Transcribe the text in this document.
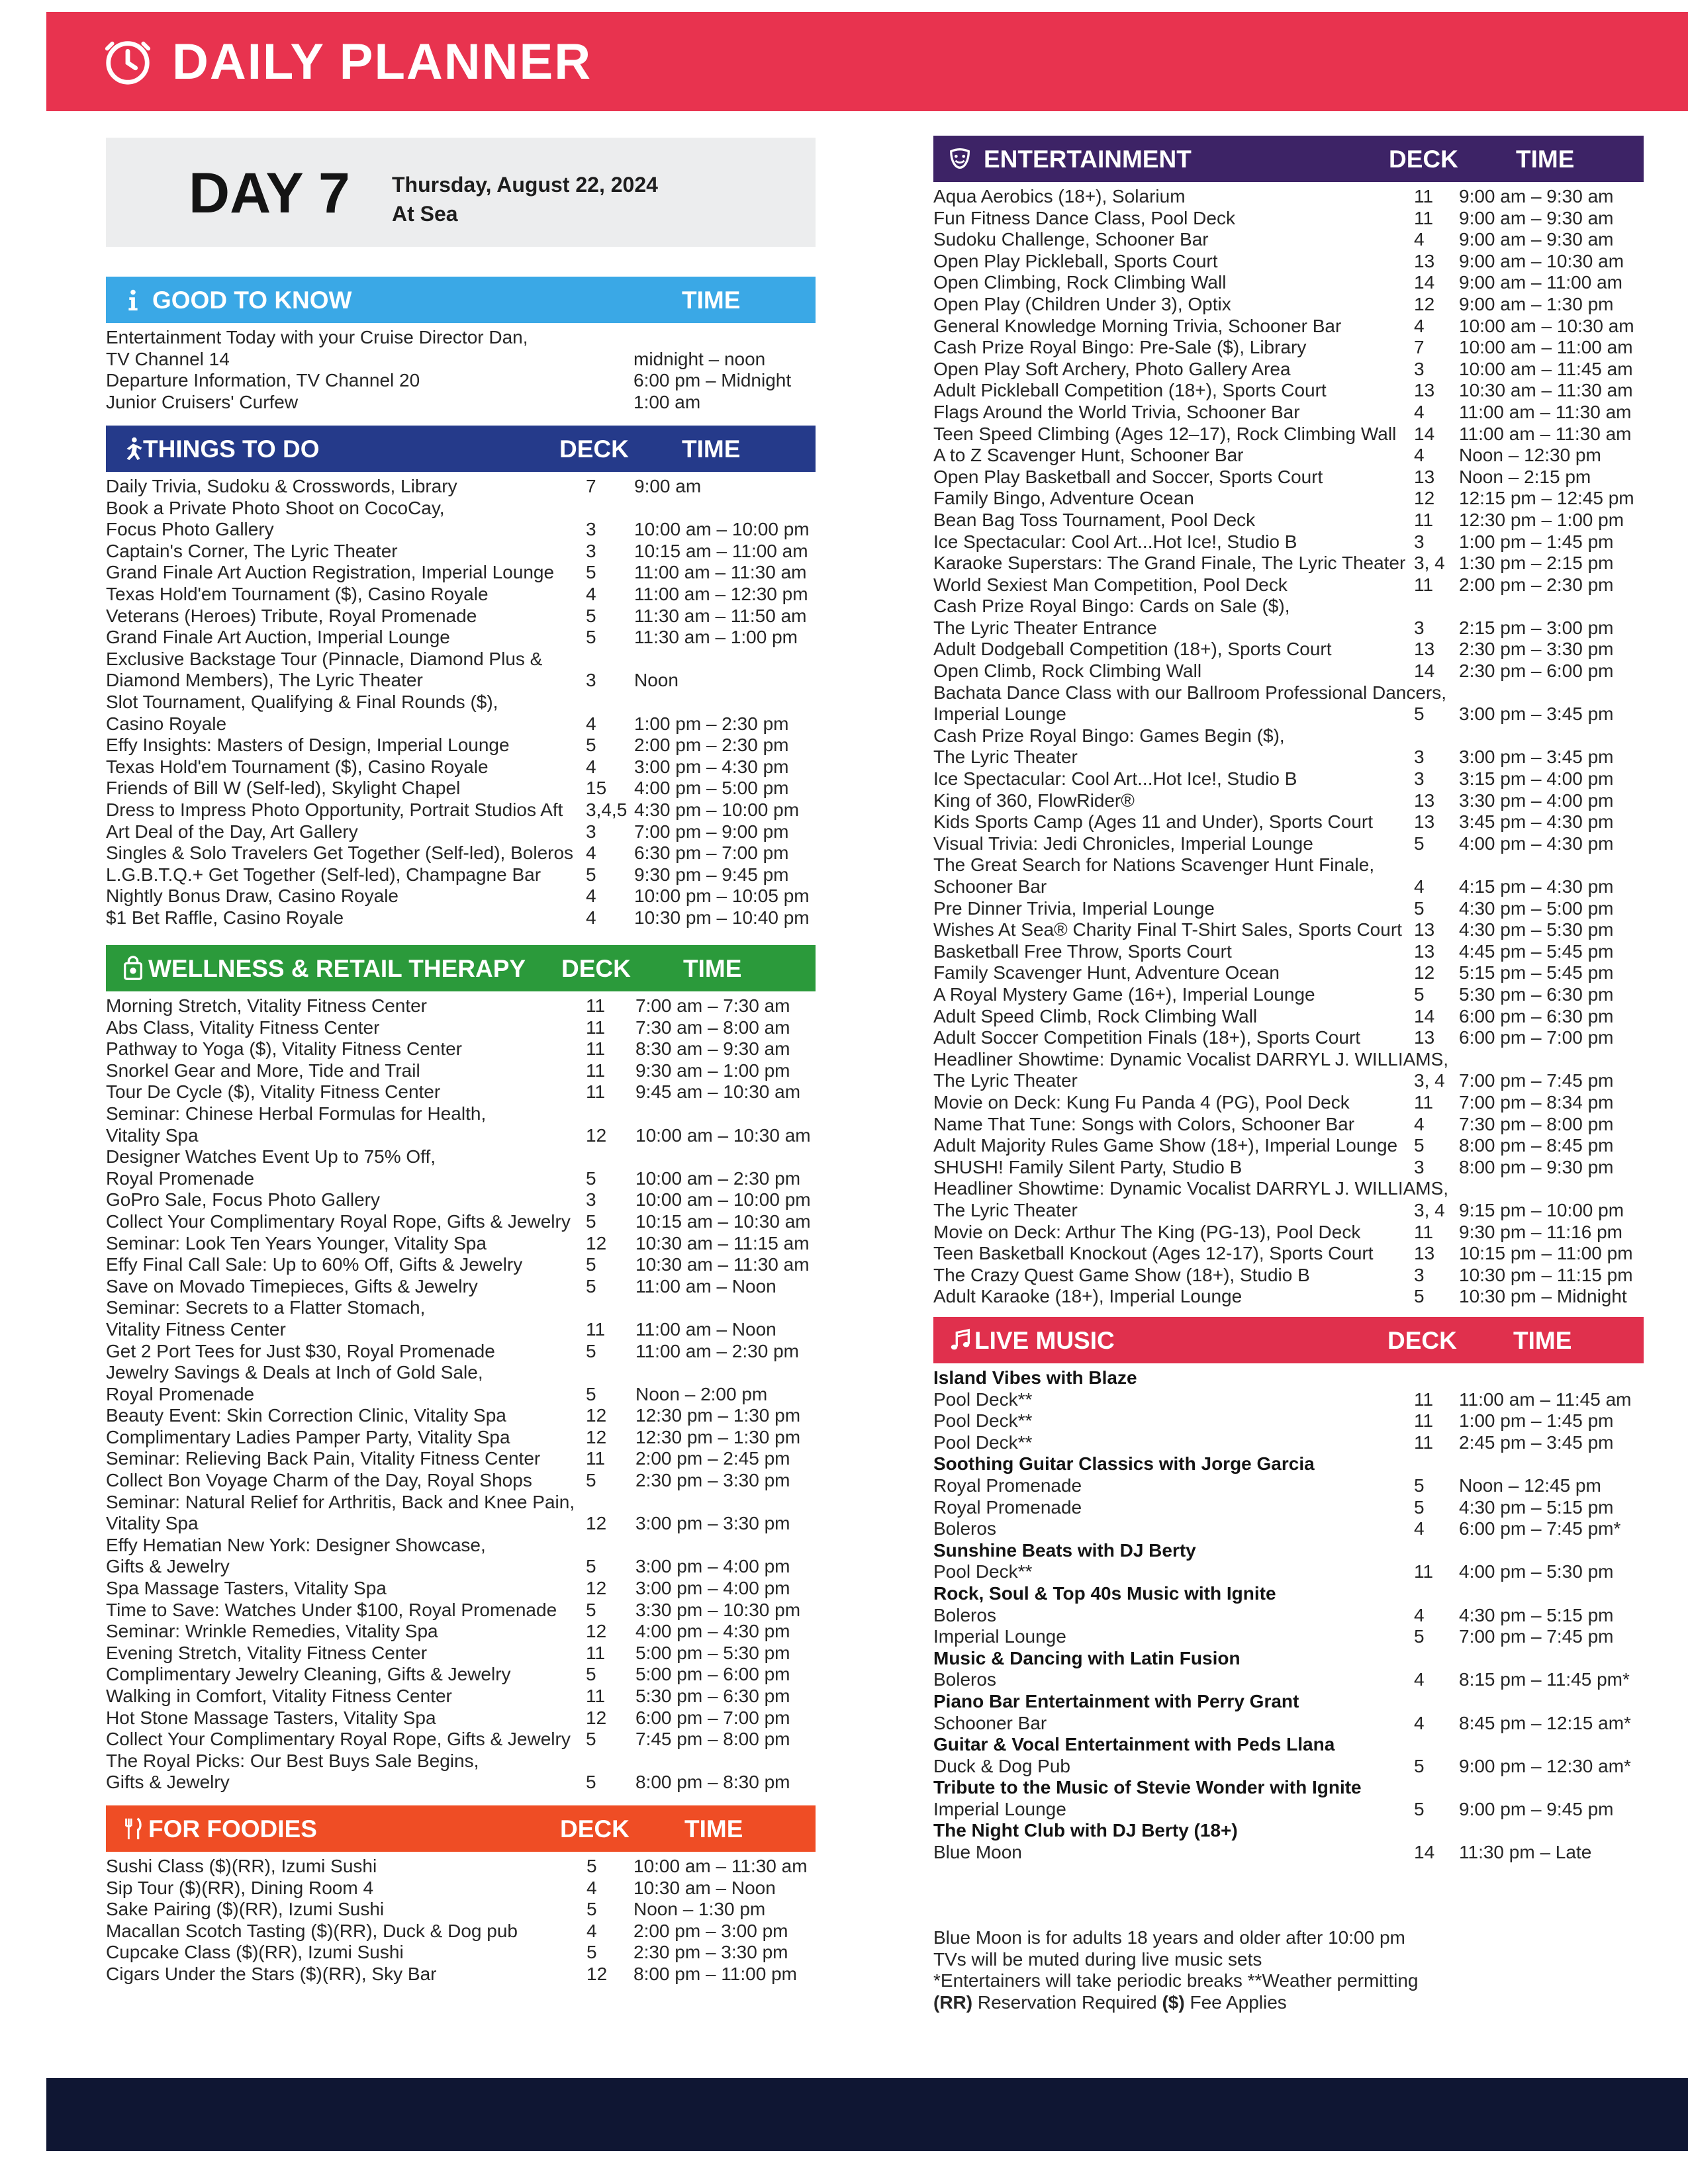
DAILY PLANNER
DAY 7 Thursday, August 22, 2024
At Sea
GOOD TO KNOW	TIME
Entertainment Today with your Cruise Director Dan,
TV Channel 14	midnight – noon
Departure Information, TV Channel 20	6:00 pm – Midnight
Junior Cruisers' Curfew	1:00 am
THINGS TO DO	DECK TIME
Daily Trivia, Sudoku & Crosswords, Library	7 9:00 am
Book a Private Photo Shoot on CocoCay,
Focus Photo Gallery	3 10:00 am – 10:00 pm
Captain's Corner, The Lyric Theater	3 10:15 am – 11:00 am
Grand Finale Art Auction Registration, Imperial Lounge	5 11:00 am – 11:30 am
Texas Hold'em Tournament ($), Casino Royale	4 11:00 am – 12:30 pm
Veterans (Heroes) Tribute, Royal Promenade	5 11:30 am – 11:50 am
Grand Finale Art Auction, Imperial Lounge	5 11:30 am – 1:00 pm
Exclusive Backstage Tour (Pinnacle, Diamond Plus &
Diamond Members), The Lyric Theater	3 Noon
Slot Tournament, Qualifying & Final Rounds ($),
Casino Royale	4 1:00 pm – 2:30 pm
Effy Insights: Masters of Design, Imperial Lounge	5 2:00 pm – 2:30 pm
Texas Hold'em Tournament ($), Casino Royale	4 3:00 pm – 4:30 pm
Friends of Bill W (Self-led), Skylight Chapel	15 4:00 pm – 5:00 pm
Dress to Impress Photo Opportunity, Portrait Studios Aft	3,4,5 4:30 pm – 10:00 pm
Art Deal of the Day, Art Gallery	3 7:00 pm – 9:00 pm
Singles & Solo Travelers Get Together (Self-led), Boleros 4 6:30 pm – 7:00 pm
L.G.B.T.Q.+ Get Together (Self-led), Champagne Bar	5 9:30 pm – 9:45 pm
Nightly Bonus Draw, Casino Royale	4 10:00 pm – 10:05 pm
$1 Bet Raffle, Casino Royale	4 10:30 pm – 10:40 pm
WELLNESS & RETAIL THERAPY DECK TIME
Morning Stretch, Vitality Fitness Center	11 7:00 am – 7:30 am
Abs Class, Vitality Fitness Center	11 7:30 am – 8:00 am
Pathway to Yoga ($), Vitality Fitness Center	11 8:30 am – 9:30 am
Snorkel Gear and More, Tide and Trail	11 9:30 am – 1:00 pm
Tour De Cycle ($), Vitality Fitness Center	11 9:45 am – 10:30 am
Seminar: Chinese Herbal Formulas for Health,
Vitality Spa	12 10:00 am – 10:30 am
Designer Watches Event Up to 75% Off,
Royal Promenade	5 10:00 am – 2:30 pm
GoPro Sale, Focus Photo Gallery	3 10:00 am – 10:00 pm
Collect Your Complimentary Royal Rope, Gifts & Jewelry 5 10:15 am – 10:30 am
Seminar: Look Ten Years Younger, Vitality Spa	12 10:30 am – 11:15 am
Effy Final Call Sale: Up to 60% Off, Gifts & Jewelry	5 10:30 am – 11:30 am
Save on Movado Timepieces, Gifts & Jewelry	5 11:00 am – Noon
Seminar: Secrets to a Flatter Stomach,
Vitality Fitness Center	11 11:00 am – Noon
Get 2 Port Tees for Just $30, Royal Promenade	5 11:00 am – 2:30 pm
Jewelry Savings & Deals at Inch of Gold Sale,
Royal Promenade	5 Noon – 2:00 pm
Beauty Event: Skin Correction Clinic, Vitality Spa	12 12:30 pm – 1:30 pm
Complimentary Ladies Pamper Party, Vitality Spa	12 12:30 pm – 1:30 pm
Seminar: Relieving Back Pain, Vitality Fitness Center	11 2:00 pm – 2:45 pm
Collect Bon Voyage Charm of the Day, Royal Shops	5 2:30 pm – 3:30 pm
Seminar: Natural Relief for Arthritis, Back and Knee Pain,
Vitality Spa	12 3:00 pm – 3:30 pm
Effy Hematian New York: Designer Showcase,
Gifts & Jewelry	5 3:00 pm – 4:00 pm
Spa Massage Tasters, Vitality Spa	12 3:00 pm – 4:00 pm
Time to Save: Watches Under $100, Royal Promenade	5 3:30 pm – 10:30 pm
Seminar: Wrinkle Remedies, Vitality Spa	12 4:00 pm – 4:30 pm
Evening Stretch, Vitality Fitness Center	11 5:00 pm – 5:30 pm
Complimentary Jewelry Cleaning, Gifts & Jewelry	5 5:00 pm – 6:00 pm
Walking in Comfort, Vitality Fitness Center	11 5:30 pm – 6:30 pm
Hot Stone Massage Tasters, Vitality Spa	12 6:00 pm – 7:00 pm
Collect Your Complimentary Royal Rope, Gifts & Jewelry 5 7:45 pm – 8:00 pm
The Royal Picks: Our Best Buys Sale Begins,
Gifts & Jewelry	5 8:00 pm – 8:30 pm
FOR FOODIES	DECK TIME
Sushi Class ($)(RR), Izumi Sushi	5 10:00 am – 11:30 am
Sip Tour ($)(RR), Dining Room 4	4 10:30 am – Noon
Sake Pairing ($)(RR), Izumi Sushi	5 Noon – 1:30 pm
Macallan Scotch Tasting ($)(RR), Duck & Dog pub	4 2:00 pm – 3:00 pm
Cupcake Class ($)(RR), Izumi Sushi	5 2:30 pm – 3:30 pm
Cigars Under the Stars ($)(RR), Sky Bar	12 8:00 pm – 11:00 pm
ENTERTAINMENT	DECK TIME
Aqua Aerobics (18+), Solarium	11 9:00 am – 9:30 am
Fun Fitness Dance Class, Pool Deck	11 9:00 am – 9:30 am
Sudoku Challenge, Schooner Bar	4 9:00 am – 9:30 am
Open Play Pickleball, Sports Court	13 9:00 am – 10:30 am
Open Climbing, Rock Climbing Wall	14 9:00 am – 11:00 am
Open Play (Children Under 3), Optix	12 9:00 am – 1:30 pm
General Knowledge Morning Trivia, Schooner Bar	4 10:00 am – 10:30 am
Cash Prize Royal Bingo: Pre-Sale ($), Library	7 10:00 am – 11:00 am
Open Play Soft Archery, Photo Gallery Area	3 10:00 am – 11:45 am
Adult Pickleball Competition (18+), Sports Court	13 10:30 am – 11:30 am
Flags Around the World Trivia, Schooner Bar	4 11:00 am – 11:30 am
Teen Speed Climbing (Ages 12–17), Rock Climbing Wall 14 11:00 am – 11:30 am
A to Z Scavenger Hunt, Schooner Bar	4 Noon – 12:30 pm
Open Play Basketball and Soccer, Sports Court	13 Noon – 2:15 pm
Family Bingo, Adventure Ocean	12 12:15 pm – 12:45 pm
Bean Bag Toss Tournament, Pool Deck	11 12:30 pm – 1:00 pm
Ice Spectacular: Cool Art...Hot Ice!, Studio B	3 1:00 pm – 1:45 pm
Karaoke Superstars: The Grand Finale, The Lyric Theater 3, 4 1:30 pm – 2:15 pm
World Sexiest Man Competition, Pool Deck	11 2:00 pm – 2:30 pm
Cash Prize Royal Bingo: Cards on Sale ($),
The Lyric Theater Entrance	3 2:15 pm – 3:00 pm
Adult Dodgeball Competition (18+), Sports Court	13 2:30 pm – 3:30 pm
Open Climb, Rock Climbing Wall	14 2:30 pm – 6:00 pm
Bachata Dance Class with our Ballroom Professional Dancers,
Imperial Lounge	5 3:00 pm – 3:45 pm
Cash Prize Royal Bingo: Games Begin ($),
The Lyric Theater	3 3:00 pm – 3:45 pm
Ice Spectacular: Cool Art...Hot Ice!, Studio B	3 3:15 pm – 4:00 pm
King of 360, FlowRider®	13 3:30 pm – 4:00 pm
Kids Sports Camp (Ages 11 and Under), Sports Court	13 3:45 pm – 4:30 pm
Visual Trivia: Jedi Chronicles, Imperial Lounge	5 4:00 pm – 4:30 pm
The Great Search for Nations Scavenger Hunt Finale,
Schooner Bar	4 4:15 pm – 4:30 pm
Pre Dinner Trivia, Imperial Lounge	5 4:30 pm – 5:00 pm
Wishes At Sea® Charity Final T-Shirt Sales, Sports Court 13 4:30 pm – 5:30 pm
Basketball Free Throw, Sports Court	13 4:45 pm – 5:45 pm
Family Scavenger Hunt, Adventure Ocean	12 5:15 pm – 5:45 pm
A Royal Mystery Game (16+), Imperial Lounge	5 5:30 pm – 6:30 pm
Adult Speed Climb, Rock Climbing Wall	14 6:00 pm – 6:30 pm
Adult Soccer Competition Finals (18+), Sports Court	13 6:00 pm – 7:00 pm
Headliner Showtime: Dynamic Vocalist DARRYL J. WILLIAMS,
The Lyric Theater	3, 4 7:00 pm – 7:45 pm
Movie on Deck: Kung Fu Panda 4 (PG), Pool Deck	11 7:00 pm – 8:34 pm
Name That Tune: Songs with Colors, Schooner Bar	4 7:30 pm – 8:00 pm
Adult Majority Rules Game Show (18+), Imperial Lounge 5 8:00 pm – 8:45 pm
SHUSH! Family Silent Party, Studio B	3 8:00 pm – 9:30 pm
Headliner Showtime: Dynamic Vocalist DARRYL J. WILLIAMS,
The Lyric Theater	3, 4 9:15 pm – 10:00 pm
Movie on Deck: Arthur The King (PG-13), Pool Deck	11 9:30 pm – 11:16 pm
Teen Basketball Knockout (Ages 12-17), Sports Court	13 10:15 pm – 11:00 pm
The Crazy Quest Game Show (18+), Studio B	3 10:30 pm – 11:15 pm
Adult Karaoke (18+), Imperial Lounge	5 10:30 pm – Midnight
LIVE MUSIC	DECK TIME
Island Vibes with Blaze
Pool Deck**	11 11:00 am – 11:45 am
Pool Deck**	11 1:00 pm – 1:45 pm
Pool Deck**	11 2:45 pm – 3:45 pm
Soothing Guitar Classics with Jorge Garcia
Royal Promenade	5 Noon – 12:45 pm
Royal Promenade	5 4:30 pm – 5:15 pm
Boleros	4 6:00 pm – 7:45 pm*
Sunshine Beats with DJ Berty
Pool Deck**	11 4:00 pm – 5:30 pm
Rock, Soul & Top 40s Music with Ignite
Boleros	4 4:30 pm – 5:15 pm
Imperial Lounge	5 7:00 pm – 7:45 pm
Music & Dancing with Latin Fusion
Boleros	4 8:15 pm – 11:45 pm*
Piano Bar Entertainment with Perry Grant
Schooner Bar	4 8:45 pm – 12:15 am*
Guitar & Vocal Entertainment with Peds Llana
Duck & Dog Pub	5 9:00 pm – 12:30 am*
Tribute to the Music of Stevie Wonder with Ignite
Imperial Lounge	5 9:00 pm – 9:45 pm
The Night Club with DJ Berty (18+)
Blue Moon	14 11:30 pm – Late
Blue Moon is for adults 18 years and older after 10:00 pm
TVs will be muted during live music sets
*Entertainers will take periodic breaks **Weather permitting
(RR) Reservation Required ($) Fee Applies
